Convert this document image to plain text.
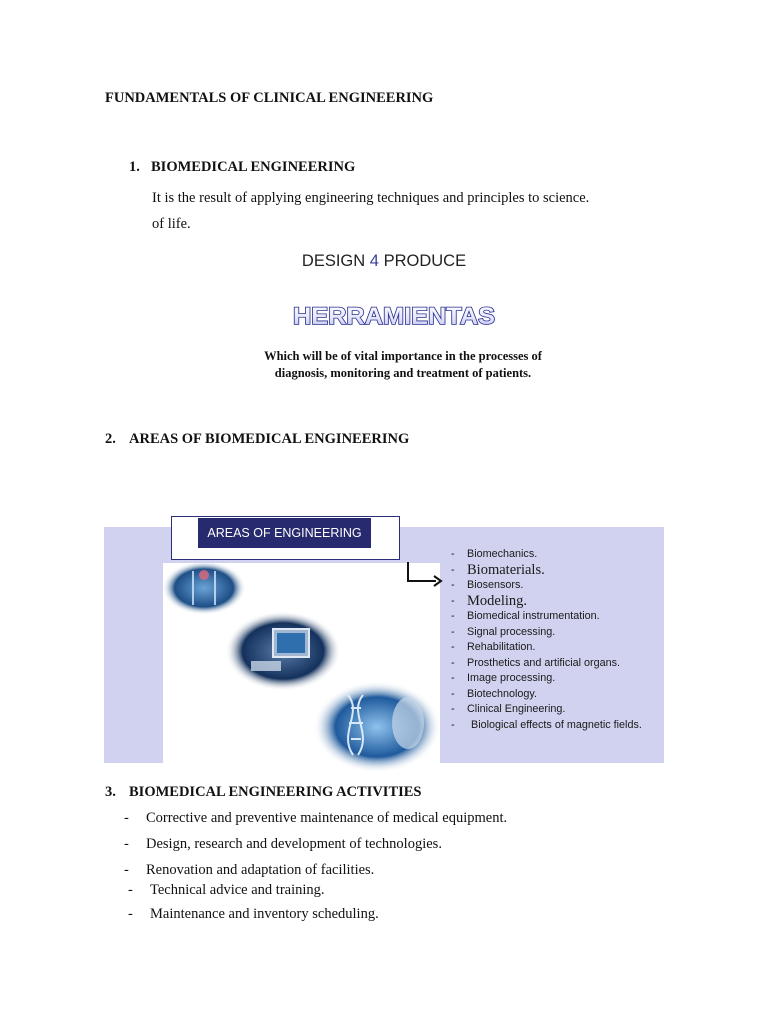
FUNDAMENTALS OF CLINICAL ENGINEERING
1. BIOMEDICAL ENGINEERING
It is the result of applying engineering techniques and principles to science.
of life.
DESIGN 4 PRODUCE
HERRAMIENTAS
Which will be of vital importance in the processes of
diagnosis, monitoring and treatment of patients.
2. AREAS OF BIOMEDICAL ENGINEERING
AREAS OF ENGINEERING
- Biomechanics.
- Biomaterials.
- Biosensors.
- Modeling.
- Biomedical instrumentation.
- Signal processing.
- Rehabilitation.
- Prosthetics and artificial organs.
- Image processing.
- Biotechnology.
- Clinical Engineering.
- Biological effects of magnetic fields.
3. BIOMEDICAL ENGINEERING ACTIVITIES
- Corrective and preventive maintenance of medical equipment.
- Design, research and development of technologies.
- Renovation and adaptation of facilities.
- Technical advice and training.
- Maintenance and inventory scheduling.
